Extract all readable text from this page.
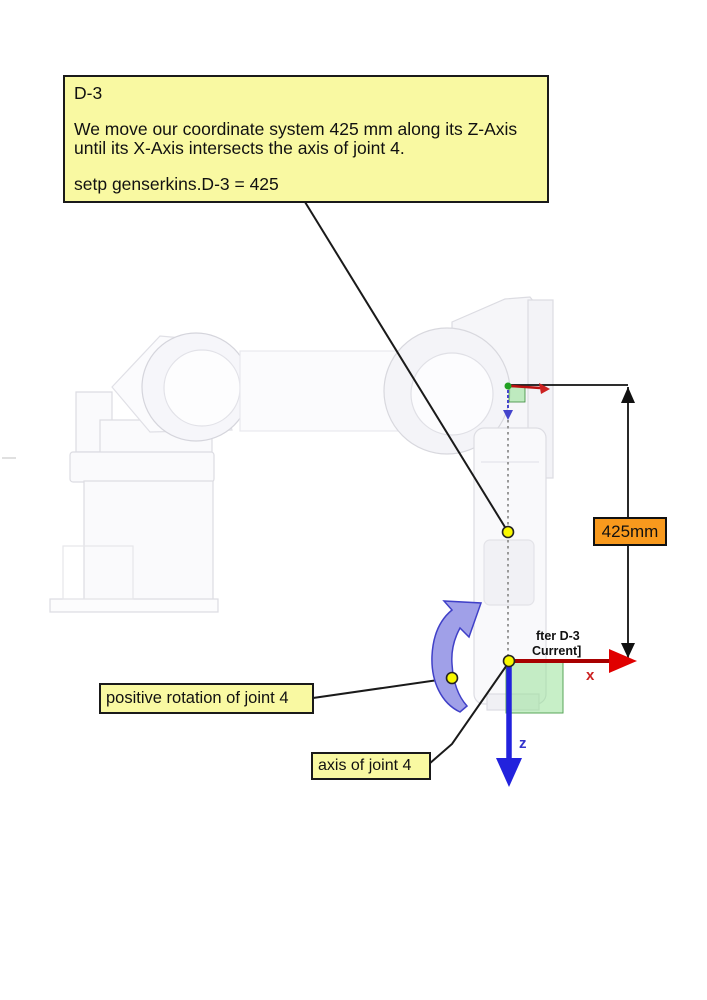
x
z
D-3
We move our coordinate system 425 mm along its Z-Axis
until its X-Axis intersects the axis of joint 4.
setp genserkins.D-3 = 425
425mm
positive rotation of joint 4
axis of joint 4
fter D-3
Current]
